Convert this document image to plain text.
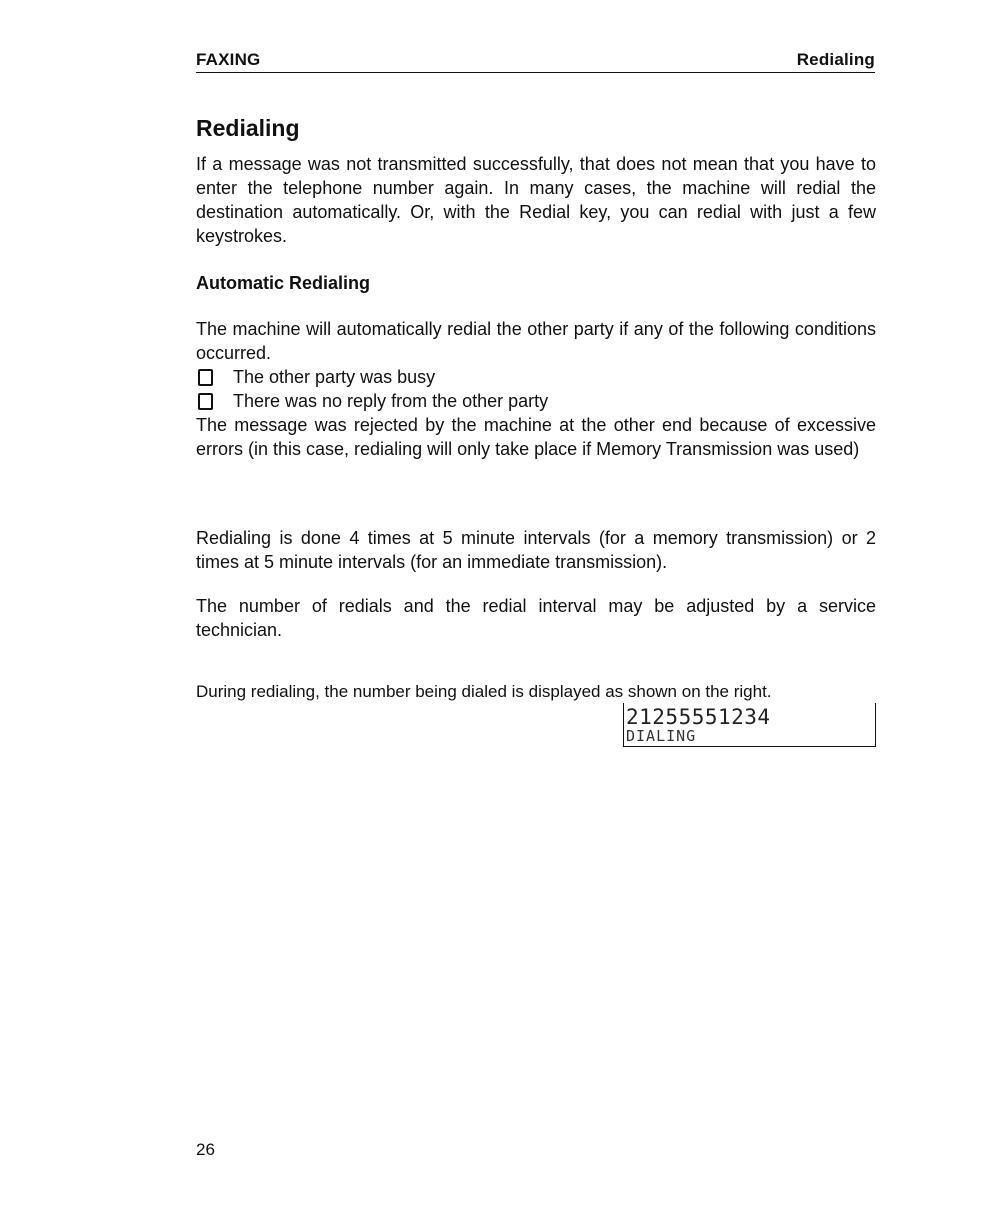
FAXING	Redialing
Redialing

If a message was not transmitted successfully, that does not mean that you have to enter the telephone number again. In many cases, the machine will redial the destination automatically. Or, with the Redial key, you can redial with just a few keystrokes.

Automatic Redialing

The machine will automatically redial the other party if any of the following conditions occurred.

The other party was busy
There was no reply from the other party

The message was rejected by the machine at the other end because of excessive errors (in this case, redialing will only take place if Memory Transmission was used)

Redialing is done 4 times at 5 minute intervals (for a memory transmission) or 2 times at 5 minute intervals (for an immediate transmission).

The number of redials and the redial interval may be adjusted by a service technician.

During redialing, the number being dialed is displayed as shown on the right.

21255551234
DIALING
26
